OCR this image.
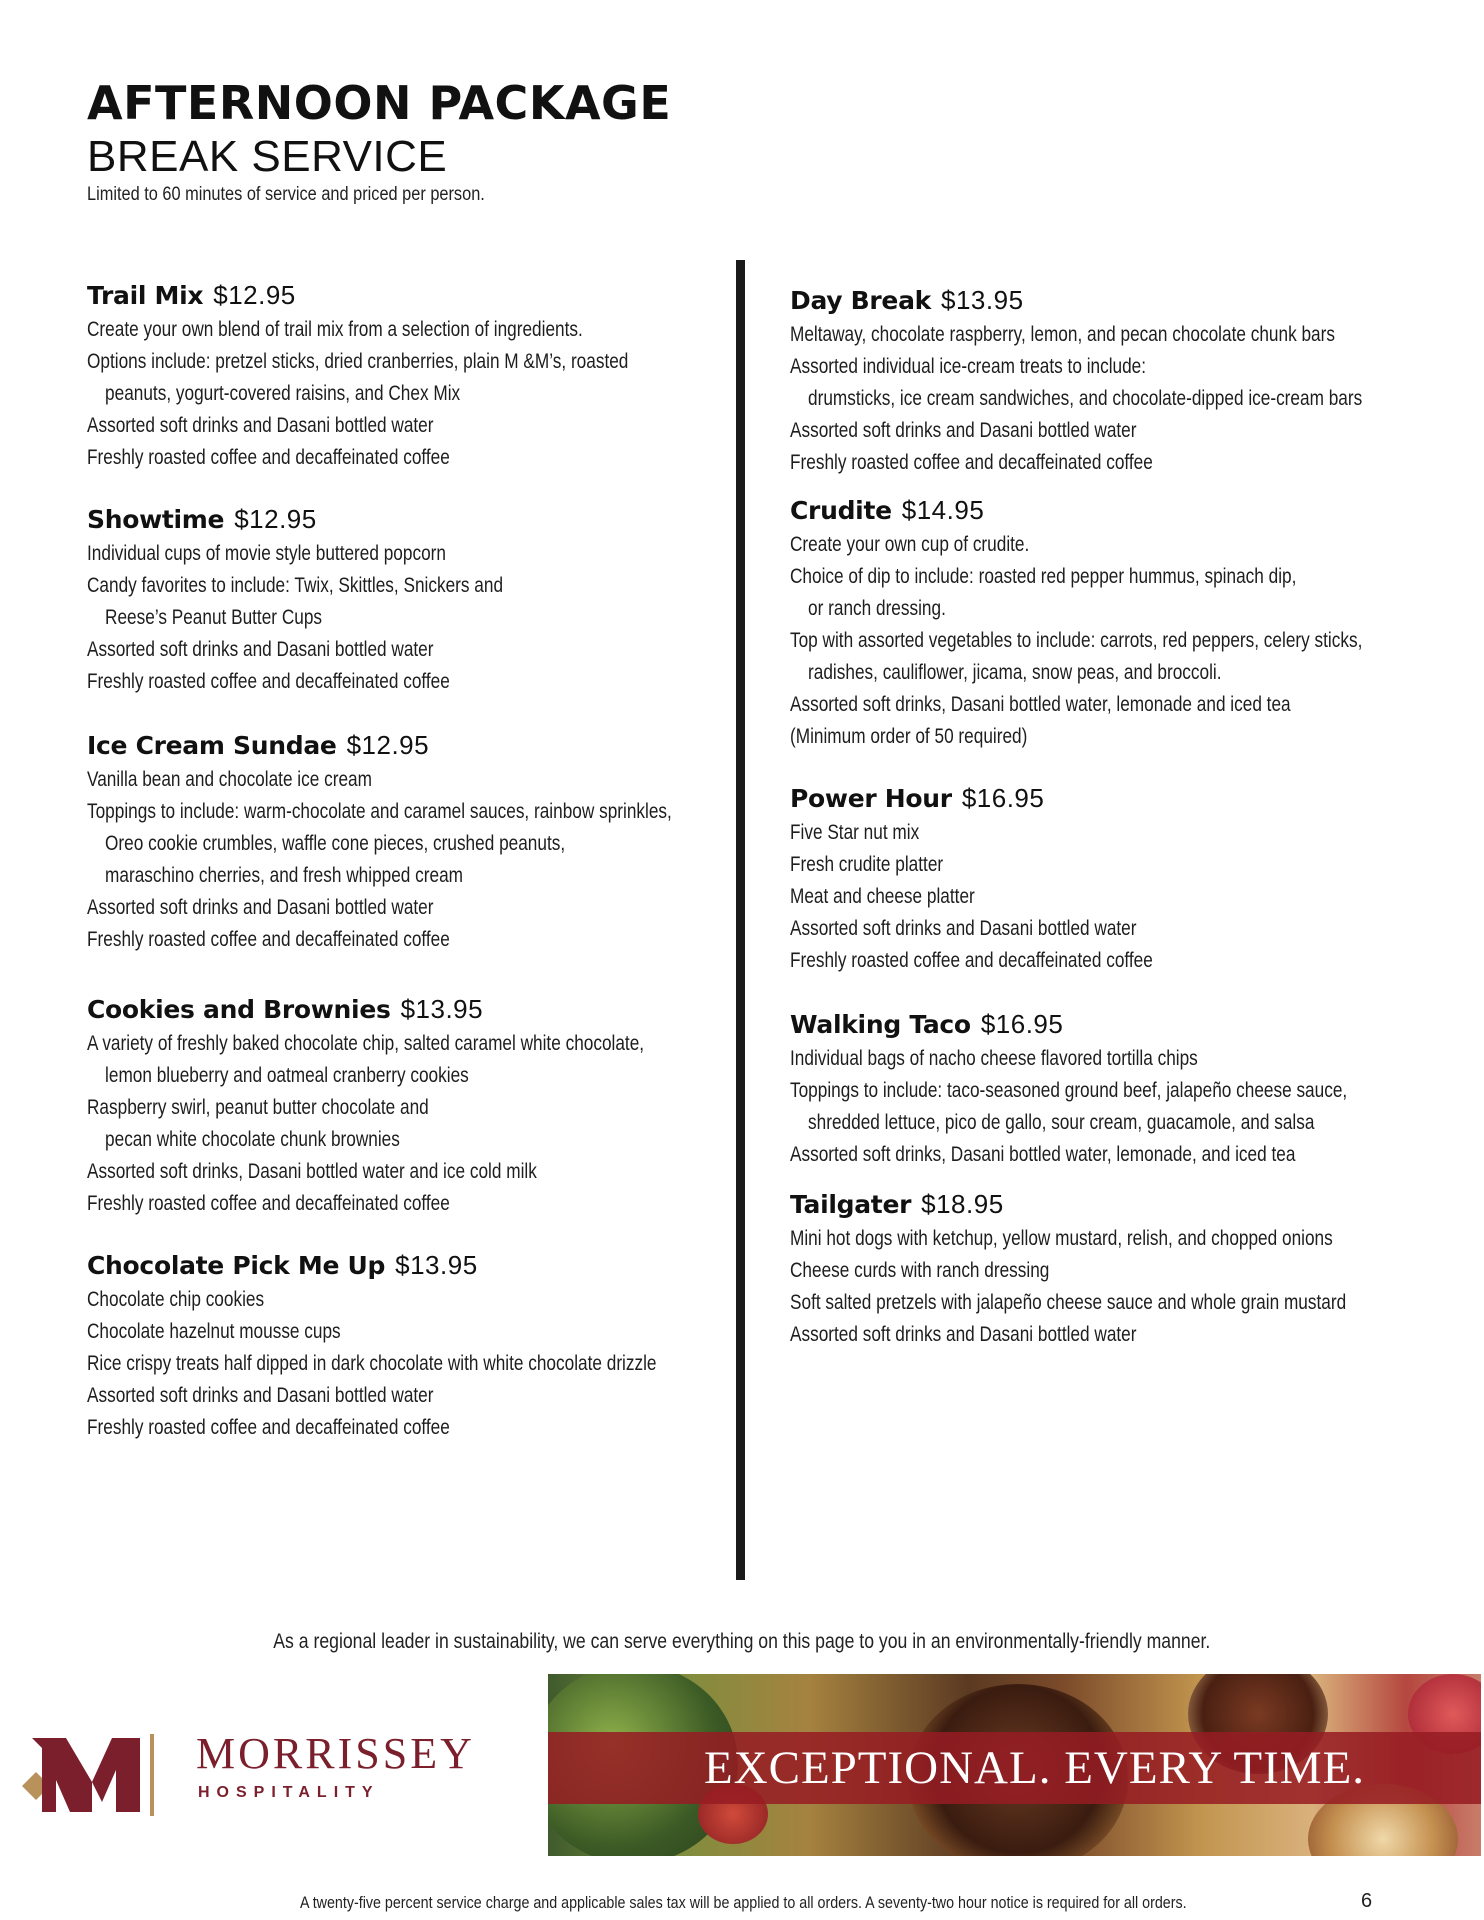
AFTERNOON PACKAGE
BREAK SERVICE
Limited to 60 minutes of service and priced per person.
Trail Mix $12.95
Create your own blend of trail mix from a selection of ingredients.
Options include: pretzel sticks, dried cranberries, plain M &M’s, roasted
peanuts, yogurt-covered raisins, and Chex Mix
Assorted soft drinks and Dasani bottled water
Freshly roasted coffee and decaffeinated coffee
Showtime $12.95
Individual cups of movie style buttered popcorn
Candy favorites to include: Twix, Skittles, Snickers and
Reese’s Peanut Butter Cups
Assorted soft drinks and Dasani bottled water
Freshly roasted coffee and decaffeinated coffee
Ice Cream Sundae $12.95
Vanilla bean and chocolate ice cream
Toppings to include: warm-chocolate and caramel sauces, rainbow sprinkles,
Oreo cookie crumbles, waffle cone pieces, crushed peanuts,
maraschino cherries, and fresh whipped cream
Assorted soft drinks and Dasani bottled water
Freshly roasted coffee and decaffeinated coffee
Cookies and Brownies $13.95
A variety of freshly baked chocolate chip, salted caramel white chocolate,
lemon blueberry and oatmeal cranberry cookies
Raspberry swirl, peanut butter chocolate and
pecan white chocolate chunk brownies
Assorted soft drinks, Dasani bottled water and ice cold milk
Freshly roasted coffee and decaffeinated coffee
Chocolate Pick Me Up $13.95
Chocolate chip cookies
Chocolate hazelnut mousse cups
Rice crispy treats half dipped in dark chocolate with white chocolate drizzle
Assorted soft drinks and Dasani bottled water
Freshly roasted coffee and decaffeinated coffee
Day Break $13.95
Meltaway, chocolate raspberry, lemon, and pecan chocolate chunk bars
Assorted individual ice-cream treats to include:
drumsticks, ice cream sandwiches, and chocolate-dipped ice-cream bars
Assorted soft drinks and Dasani bottled water
Freshly roasted coffee and decaffeinated coffee
Crudite $14.95
Create your own cup of crudite.
Choice of dip to include: roasted red pepper hummus, spinach dip,
or ranch dressing.
Top with assorted vegetables to include: carrots, red peppers, celery sticks,
radishes, cauliflower, jicama, snow peas, and broccoli.
Assorted soft drinks, Dasani bottled water, lemonade and iced tea
(Minimum order of 50 required)
Power Hour $16.95
Five Star nut mix
Fresh crudite platter
Meat and cheese platter
Assorted soft drinks and Dasani bottled water
Freshly roasted coffee and decaffeinated coffee
Walking Taco $16.95
Individual bags of nacho cheese flavored tortilla chips
Toppings to include: taco-seasoned ground beef, jalapeño cheese sauce,
shredded lettuce, pico de gallo, sour cream, guacamole, and salsa
Assorted soft drinks, Dasani bottled water, lemonade, and iced tea
Tailgater $18.95
Mini hot dogs with ketchup, yellow mustard, relish, and chopped onions
Cheese curds with ranch dressing
Soft salted pretzels with jalapeño cheese sauce and whole grain mustard
Assorted soft drinks and Dasani bottled water
As a regional leader in sustainability, we can serve everything on this page to you in an environmentally-friendly manner.
MORRISSEY
HOSPITALITY	EXCEPTIONAL. EVERY TIME.
A twenty-five percent service charge and applicable sales tax will be applied to all orders. A seventy-two hour notice is required for all orders.	6
